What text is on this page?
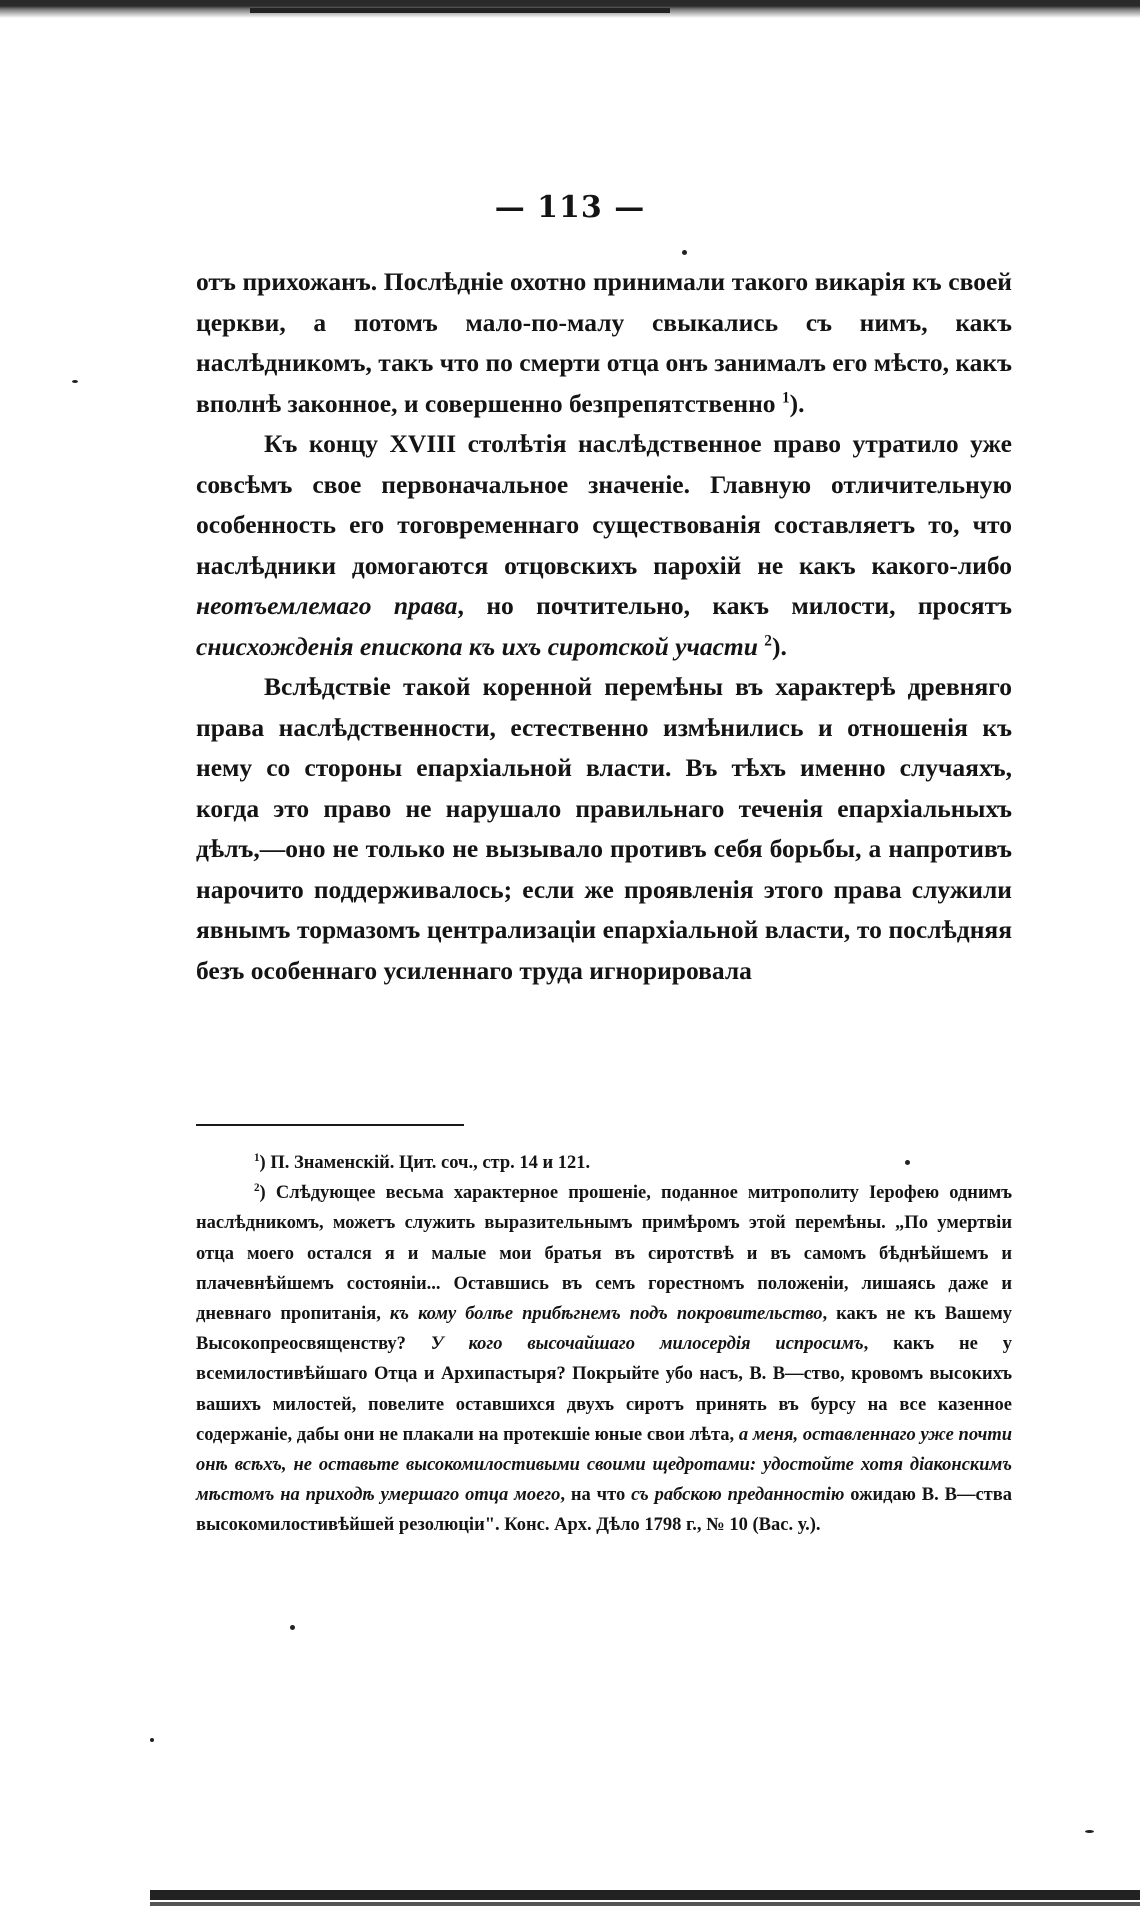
— 113 —

отъ прихожанъ. Послѣдніе охотно принимали такого викарія къ своей церкви, а потомъ мало-по-малу свыкались съ нимъ, какъ наслѣдникомъ, такъ что по смерти отца онъ занималъ его мѣсто, какъ вполнѣ законное, и совершенно безпрепятственно $^1$).

Къ концу XVIII столѣтія наслѣдственное право утратило уже совсѣмъ свое первоначальное значеніе. Главную отличительную особенность его тоговременнаго существованія составляетъ то, что наслѣдники домогаются отцовскихъ парохій не какъ какого-либо неотъемлемаго права, но почтительно, какъ милости, просятъ снисхожденія епископа къ ихъ сиротской участи $^2$).

Вслѣдствіе такой коренной перемѣны въ характерѣ древняго права наслѣдственности, естественно измѣнились и отношенія къ нему со стороны епархіальной власти. Въ тѣхъ именно случаяхъ, когда это право не нарушало правильнаго теченія епархіальныхъ дѣлъ,—оно не только не вызывало противъ себя борьбы, а напротивъ нарочито поддерживалось; если же проявленія этого права служили явнымъ тормазомъ централизаціи епархіальной власти, то послѣдняя безъ особеннаго усиленнаго труда игнорировала

$^1$) П. Знаменскій. Цит. соч., стр. 14 и 121.

$^2$) Слѣдующее весьма характерное прошеніе, поданное митрополиту Іерофею однимъ наслѣдникомъ, можетъ служить выразительнымъ примѣромъ этой перемѣны. „По умертвіи отца моего остался я и малые мои братья въ сиротствѣ и въ самомъ бѣднѣйшемъ и плачевнѣйшемъ состояніи... Оставшись въ семъ горестномъ положеніи, лишаясь даже и дневнаго пропитанія, къ кому болѣе прибѣгнемъ подъ покровительство, какъ не къ Вашему Высокопреосвященству? У кого высочайшаго милосердія испросимъ, какъ не у всемилостивѣйшаго Отца и Архипастыря? Покрыйте убо насъ, В. В—ство, кровомъ высокихъ вашихъ милостей, повелите оставшихся двухъ сиротъ принять въ бурсу на все казенное содержаніе, дабы они не плакали на протекшіе юные свои лѣта, а меня, оставленнаго уже почти онѣ всѣхъ, не оставьте высокомилостивыми своими щедротами: удостойте хотя діаконскимъ мѣстомъ на приходѣ умершаго отца моего, на что съ рабскою преданностію ожидаю В. В—ства высокомилостивѣйшей резолюціи". Конс. Арх. Дѣло 1798 г., № 10 (Вас. у.).
